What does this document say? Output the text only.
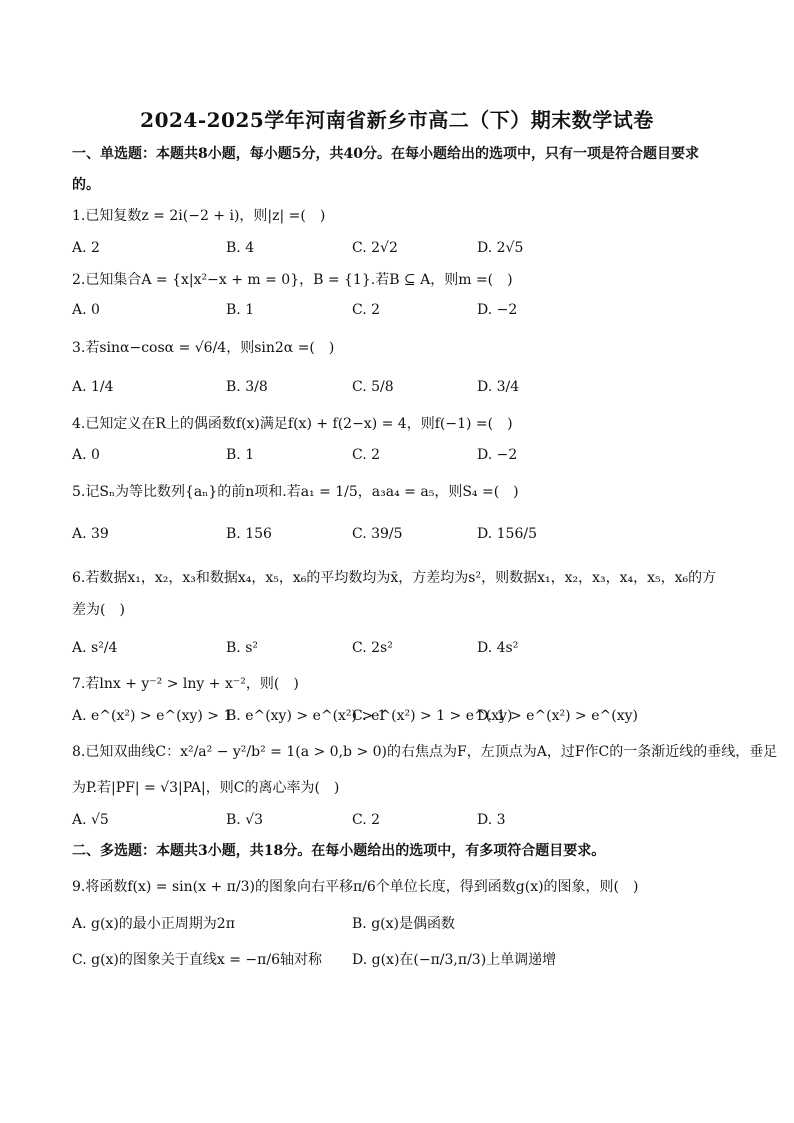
2024-2025学年河南省新乡市高二（下）期末数学试卷
一、单选题：本题共8小题，每小题5分，共40分。在每小题给出的选项中，只有一项是符合题目要求
的。
1.已知复数z = 2i(−2 + i)，则|z| =(　)
A. 2	B. 4	C. 2√2	D. 2√5
2.已知集合A = {x|x²−x + m = 0}，B = {1}.若B ⊆ A，则m =(　)
A. 0	B. 1	C. 2	D. −2
3.若sinα−cosα = √6/4，则sin2α =(　)
A. 1/4	B. 3/8	C. 5/8	D. 3/4
4.已知定义在R上的偶函数f(x)满足f(x) + f(2−x) = 4，则f(−1) =(　)
A. 0	B. 1	C. 2	D. −2
5.记Sₙ为等比数列{aₙ}的前n项和.若a₁ = 1/5，a₃a₄ = a₅，则S₄ =(　)
A. 39	B. 156	C. 39/5	D. 156/5
6.若数据x₁，x₂，x₃和数据x₄，x₅，x₆的平均数均为x̄，方差均为s²，则数据x₁，x₂，x₃，x₄，x₅，x₆的方
差为(　)
A. s²/4	B. s²	C. 2s²	D. 4s²
7.若lnx + y⁻² > lny + x⁻²，则(　)
A. e^(x²) > e^(xy) > 1
B. e^(xy) > e^(x²) > 1
C. e^(x²) > 1 > e^(xy)
D. 1 > e^(x²) > e^(xy)
8.已知双曲线C：x²/a² − y²/b² = 1(a > 0,b > 0)的右焦点为F，左顶点为A，过F作C的一条渐近线的垂线，垂足
为P.若|PF| = √3|PA|，则C的离心率为(　)
A. √5	B. √3	C. 2	D. 3
二、多选题：本题共3小题，共18分。在每小题给出的选项中，有多项符合题目要求。
9.将函数f(x) = sin(x + π/3)的图象向右平移π/6个单位长度，得到函数g(x)的图象，则(　)
A. g(x)的最小正周期为2π	B. g(x)是偶函数
C. g(x)的图象关于直线x = −π/6轴对称 D. g(x)在(−π/3,π/3)上单调递增
